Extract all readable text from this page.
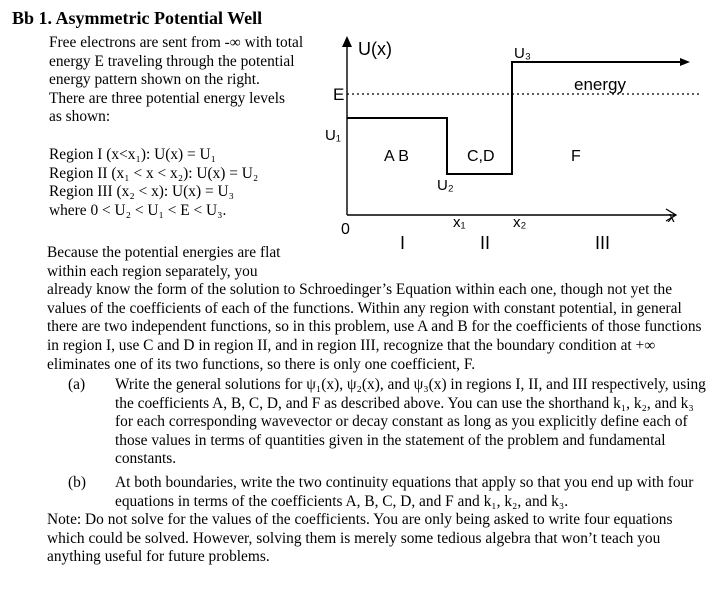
Bb 1. Asymmetric Potential Well

Free electrons are sent from -∞ with total

energy E traveling through the potential

energy pattern shown on the right.

There are three potential energy levels

as shown:

Region I (x<x₁): U(x) = U₁
Region II (x₁ < x < x₂): U(x) = U₂
Region III (x₂ < x): U(x) = U₃
where 0 < U₂ < U₁ < E < U₃.
U(x)
x
E
energy
U₃
U₁
U₂
0	x₁	x₂
A B	C,D	F
I	II	III

Because the potential energies are flat

within each region separately, you

already know the form of the solution to Schroedinger’s Equation within each one, though not yet the values of the coefficients of each of the functions. Within any region with constant potential, in general there are two independent functions, so in this problem, use A and B for the coefficients of those functions in region I, use C and D in region II, and in region III, recognize that the boundary condition at +∞ eliminates one of its two functions, so there is only one coefficient, F.

(a) Write the general solutions for ψ₁(x), ψ₂(x), and ψ₃(x) in regions I, II, and III respectively, using the coefficients A, B, C, D, and F as described above. You can use the shorthand k₁, k₂, and k₃ for each corresponding wavevector or decay constant as long as you explicitly define each of those values in terms of quantities given in the statement of the problem and fundamental constants.
(b) At both boundaries, write the two continuity equations that apply so that you end up with four equations in terms of the coefficients A, B, C, D, and F and k₁, k₂, and k₃.

Note: Do not solve for the values of the coefficients. You are only being asked to write four equations which could be solved. However, solving them is merely some tedious algebra that won’t teach you anything useful for future problems.
